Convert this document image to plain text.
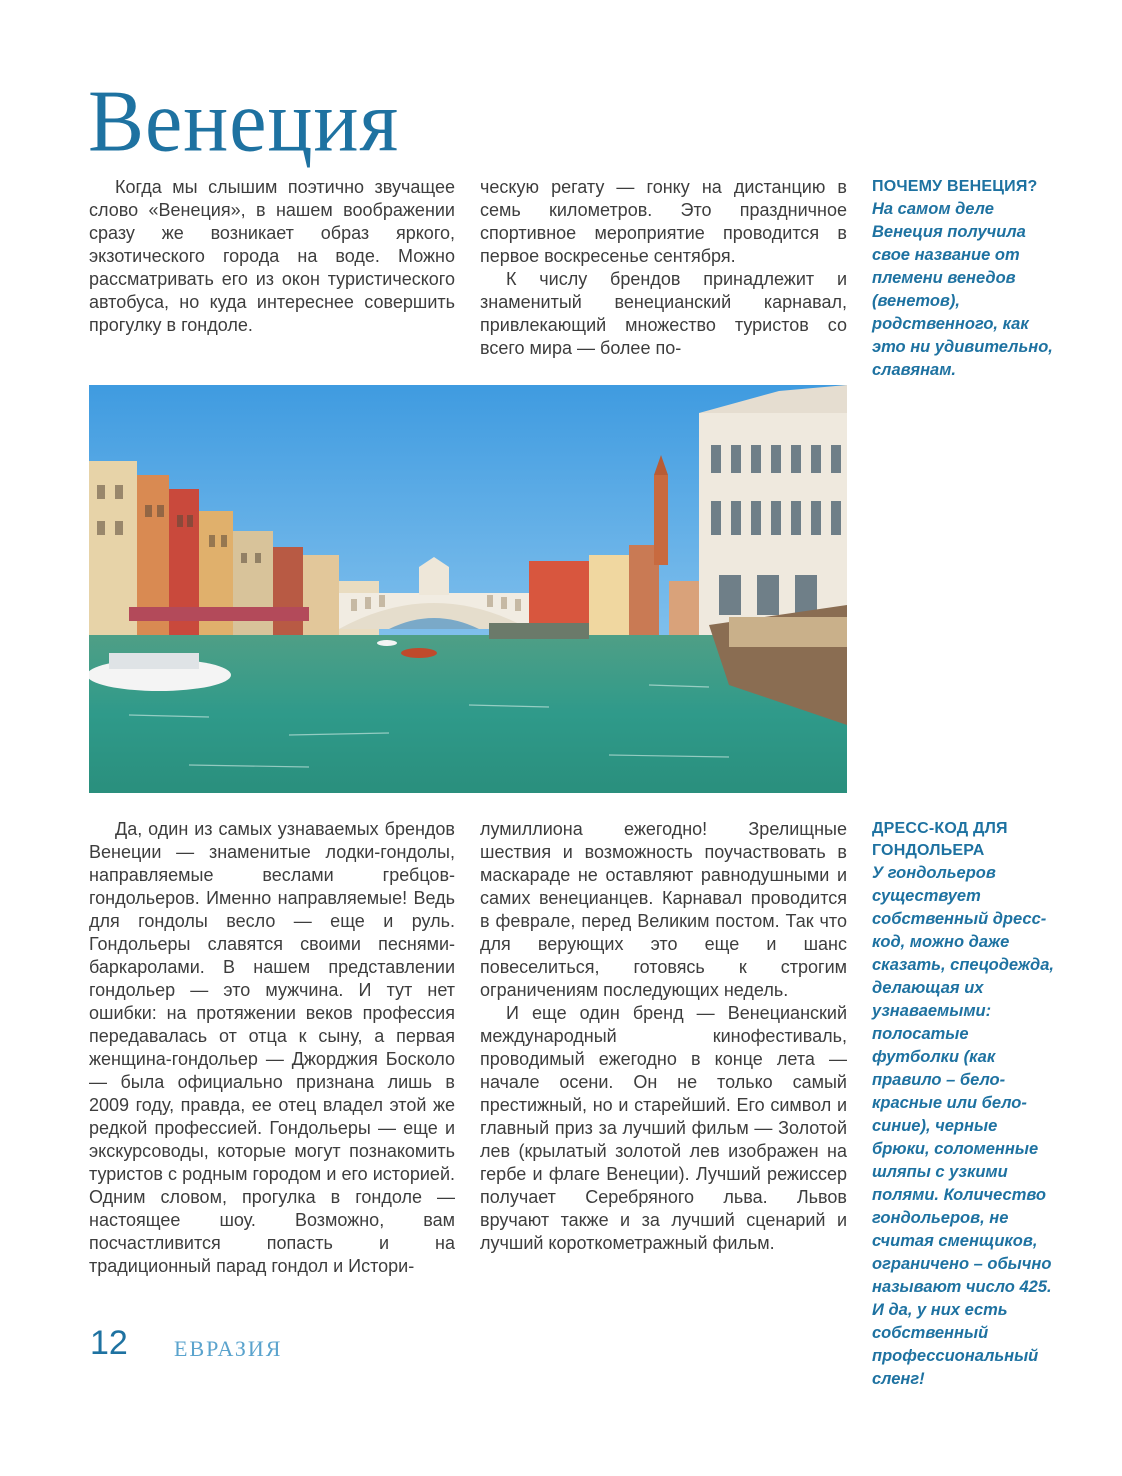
Венеция

Когда мы слышим поэтично звучащее слово «Венеция», в нашем воображении сразу же возникает образ яркого, экзотического города на воде. Можно рассматривать его из окон туристического автобуса, но куда интереснее совершить прогулку в гондоле.

ческую регату — гонку на дистанцию в семь километров. Это праздничное спортивное мероприятие проводится в первое воскресенье сентября.

К числу брендов принадлежит и знаменитый венецианский карнавал, привлекающий множество туристов со всего мира — более по-

ПОЧЕМУ ВЕНЕЦИЯ?

На самом деле Венеция получила свое название от племени венедов (венетов), родственного, как это ни удивительно, славянам.

Да, один из самых узнаваемых брендов Венеции — знаменитые лодки-гондолы, направляемые веслами гребцов-гондольеров. Именно направляемые! Ведь для гондолы весло — еще и руль. Гондольеры славятся своими песнями-баркаролами. В нашем представлении гондольер — это мужчина. И тут нет ошибки: на протяжении веков профессия передавалась от отца к сыну, а первая женщина-гондольер — Джорджия Босколо — была официально признана лишь в 2009 году, правда, ее отец владел этой же редкой профессией. Гондольеры — еще и экскурсоводы, которые могут познакомить туристов с родным городом и его историей. Одним словом, прогулка в гондоле — настоящее шоу. Возможно, вам посчастливится попасть и на традиционный парад гондол и Истори-

лумиллиона ежегодно! Зрелищные шествия и возможность поучаствовать в маскараде не оставляют равнодушными и самих венецианцев. Карнавал проводится в феврале, перед Великим постом. Так что для верующих это еще и шанс повеселиться, готовясь к строгим ограничениям последующих недель.

И еще один бренд — Венецианский международный кинофестиваль, проводимый ежегодно в конце лета — начале осени. Он не только самый престижный, но и старейший. Его символ и главный приз за лучший фильм — Золотой лев (крылатый золотой лев изображен на гербе и флаге Венеции). Лучший режиссер получает Серебряного льва. Львов вручают также и за лучший сценарий и лучший короткометражный фильм.

ДРЕСС-КОД ДЛЯ ГОНДОЛЬЕРА

У гондольеров существует собственный дресс-код, можно даже сказать, спецодежда, делающая их узнаваемыми: полосатые футболки (как правило – бело-красные или бело-синие), черные брюки, соломенные шляпы с узкими полями. Количество гондольеров, не считая сменщиков, ограничено – обычно называют число 425. И да, у них есть собственный профессиональный сленг!

12 ЕВРАЗИЯ
